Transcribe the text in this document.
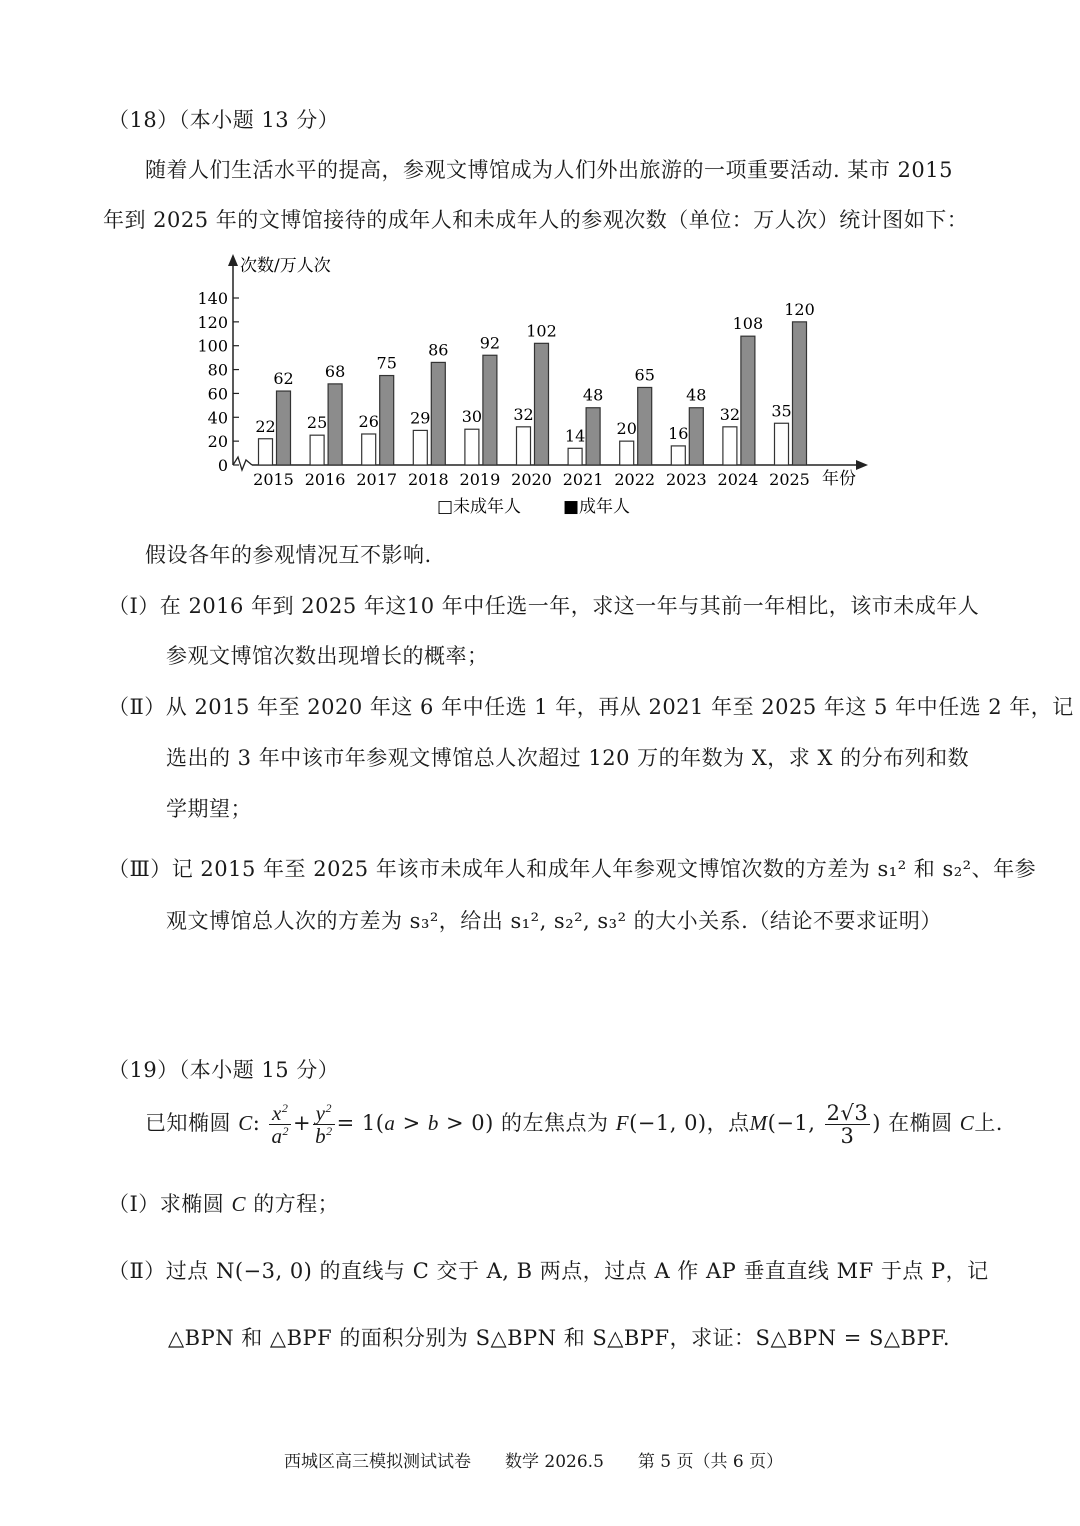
（18）（本小题 13 分）
随着人们生活水平的提高，参观文博馆成为人们外出旅游的一项重要活动. 某市 2015
年到 2025 年的文博馆接待的成年人和未成年人的参观次数（单位：万人次）统计图如下：
0
20
40
60
80
100
120
140
次数/万人次
22
62
2015
25
68
2016
26
75
2017
29
86
2018
30
92
2019
32
102
2020
14
48
2021
20
65
2022
16
48
2023
32
108
2024
35
120
2025 年份
□未成年人 ■成年人
假设各年的参观情况互不影响.
（Ⅰ）在 2016 年到 2025 年这10 年中任选一年，求这一年与其前一年相比，该市未成年人
参观文博馆次数出现增长的概率；
（Ⅱ）从 2015 年至 2020 年这 6 年中任选 1 年，再从 2021 年至 2025 年这 5 年中任选 2 年，记
选出的 3 年中该市年参观文博馆总人次超过 120 万的年数为 X，求 X 的分布列和数
学期望；
（Ⅲ）记 2015 年至 2025 年该市未成年人和成年人年参观文博馆次数的方差为 s₁² 和 s₂²、年参
观文博馆总人次的方差为 s₃²，给出 s₁², s₂², s₃² 的大小关系.（结论不要求证明）
（19）（本小题 15 分）
已知椭圆 C: $\frac{x^2}{a^2} + \frac{y^2}{b^2} = 1(a > b > 0)$ 的左焦点为 F(−1, 0)，点M(−1, $\frac{2√3}{3}$ ) 在椭圆 C上.
（Ⅰ）求椭圆 C 的方程；
（Ⅱ）过点 N(−3, 0) 的直线与 C 交于 A, B 两点，过点 A 作 AP 垂直直线 MF 于点 P，记
△BPN 和 △BPF 的面积分别为 S△BPN 和 S△BPF，求证：S△BPN = S△BPF.
西城区高三模拟测试试卷　　数学 2026.5　　第 5 页（共 6 页）
